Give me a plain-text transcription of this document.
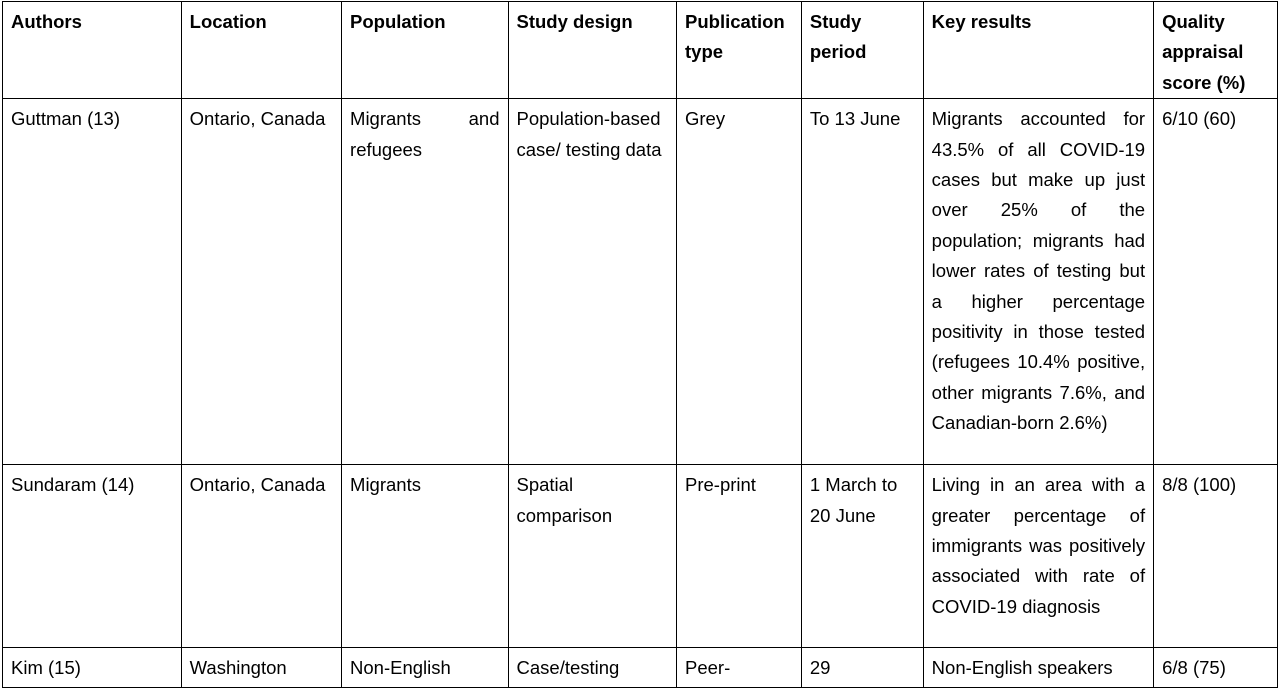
Authors	Location	Population	Study design	Publication type	Study period	Key results	Quality appraisal score (%)
Guttman (13)	Ontario, Canada	Migrants and refugees	Population-based case/ testing data	Grey	To 13 June	Migrants accounted for 43.5% of all COVID-19 cases but make up just over 25% of the population; migrants had lower rates of testing but a higher percentage positivity in those tested (refugees 10.4% positive, other migrants 7.6%, and Canadian-born 2.6%)	6/10 (60)
Sundaram (14)	Ontario, Canada	Migrants	Spatial comparison	Pre-print	1 March to 20 June	Living in an area with a greater percentage of immigrants was positively associated with rate of COVID-19 diagnosis	8/8 (100)
Kim (15)	Washington	Non-English	Case/testing	Peer-	29	Non-English speakers	6/8 (75)
